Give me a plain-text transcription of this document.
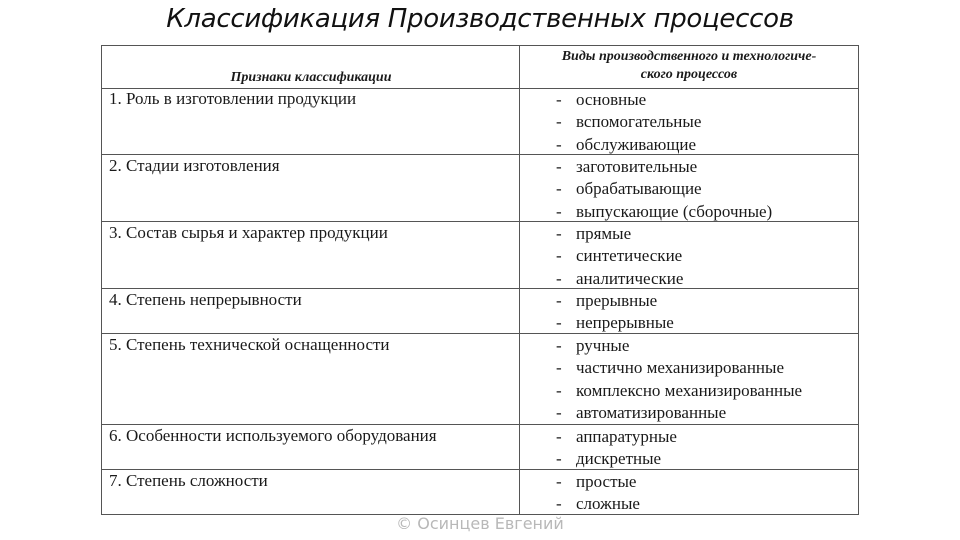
Классификация Производственных процессов
Признаки классификации
Виды производственного и технологиче-
ского процессов
1. Роль в изготовлении продукции	- основные
- вспомогательные
- обслуживающие
2. Стадии изготовления	- заготовительные
- обрабатывающие
- выпускающие (сборочные)
3. Состав сырья и характер продукции	- прямые
- синтетические
- аналитические
4. Степень непрерывности	- прерывные
- непрерывные
5. Степень технической оснащенности	- ручные
- частично механизированные
- комплексно механизированные
- автоматизированные
6. Особенности используемого оборудования	- аппаратурные
- дискретные
7. Степень сложности	- простые
- сложные
© Осинцев Евгений
